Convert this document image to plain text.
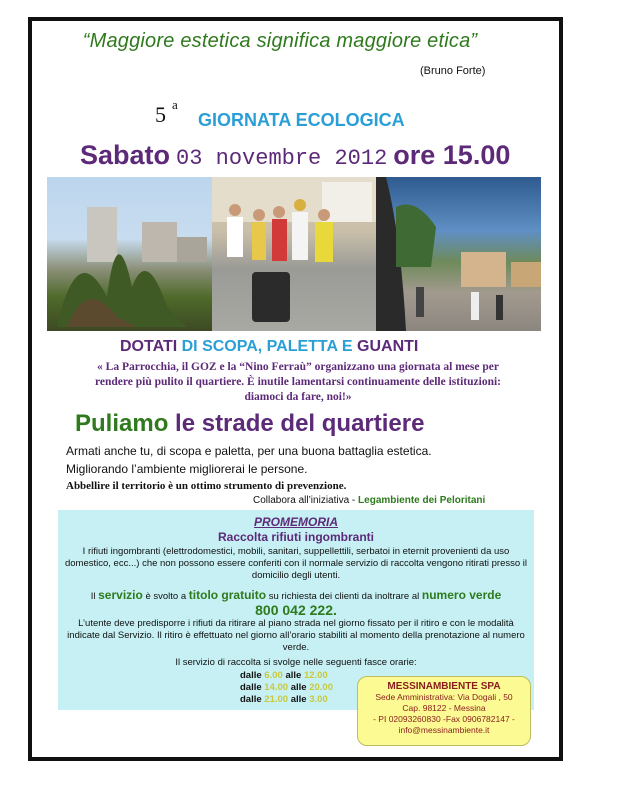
“Maggiore estetica significa maggiore etica”
(Bruno Forte)
5 a
GIORNATA ECOLOGICA
Sabato 03 novembre 2012 ore 15.00
DOTATI DI SCOPA, PALETTA E GUANTI
« La Parrocchia, il GOZ e la “Nino Ferraù” organizzano una giornata al mese per rendere più pulito il quartiere. È inutile lamentarsi continuamente delle istituzioni: diamoci da fare, noi!»
Puliamo le strade del quartiere
Armati anche tu, di scopa e paletta, per una buona battaglia estetica.
Migliorando l’ambiente migliorerai le persone.
Abbellire il territorio è un ottimo strumento di prevenzione.
Collabora all’iniziativa - Legambiente dei Peloritani
PROMEMORIA
Raccolta rifiuti ingombranti
I rifiuti ingombranti (elettrodomestici, mobili, sanitari, suppellettili, serbatoi in eternit provenienti da uso domestico, ecc...) che non possono essere conferiti con il normale servizio di raccolta vengono ritirati presso il domicilio degli utenti.
Il servizio è svolto a titolo gratuito su richiesta dei clienti da inoltrare al numero verde
800 042 222.
L’utente deve predisporre i rifiuti da ritirare al piano strada nel giorno fissato per il ritiro e con le modalità indicate dal Servizio. Il ritiro è effettuato nel giorno all’orario stabiliti al momento della prenotazione al numero verde.
Il servizio di raccolta si svolge nelle seguenti fasce orarie:
dalle 6.00 alle 12.00
dalle 14.00 alle 20.00
dalle 21.00 alle 3.00
MESSINAMBIENTE SPA
Sede Amministrativa: Via Dogali , 50
Cap. 98122 - Messina
- PI 02093260830 -Fax 0906782147 -
info@messinambiente.it
